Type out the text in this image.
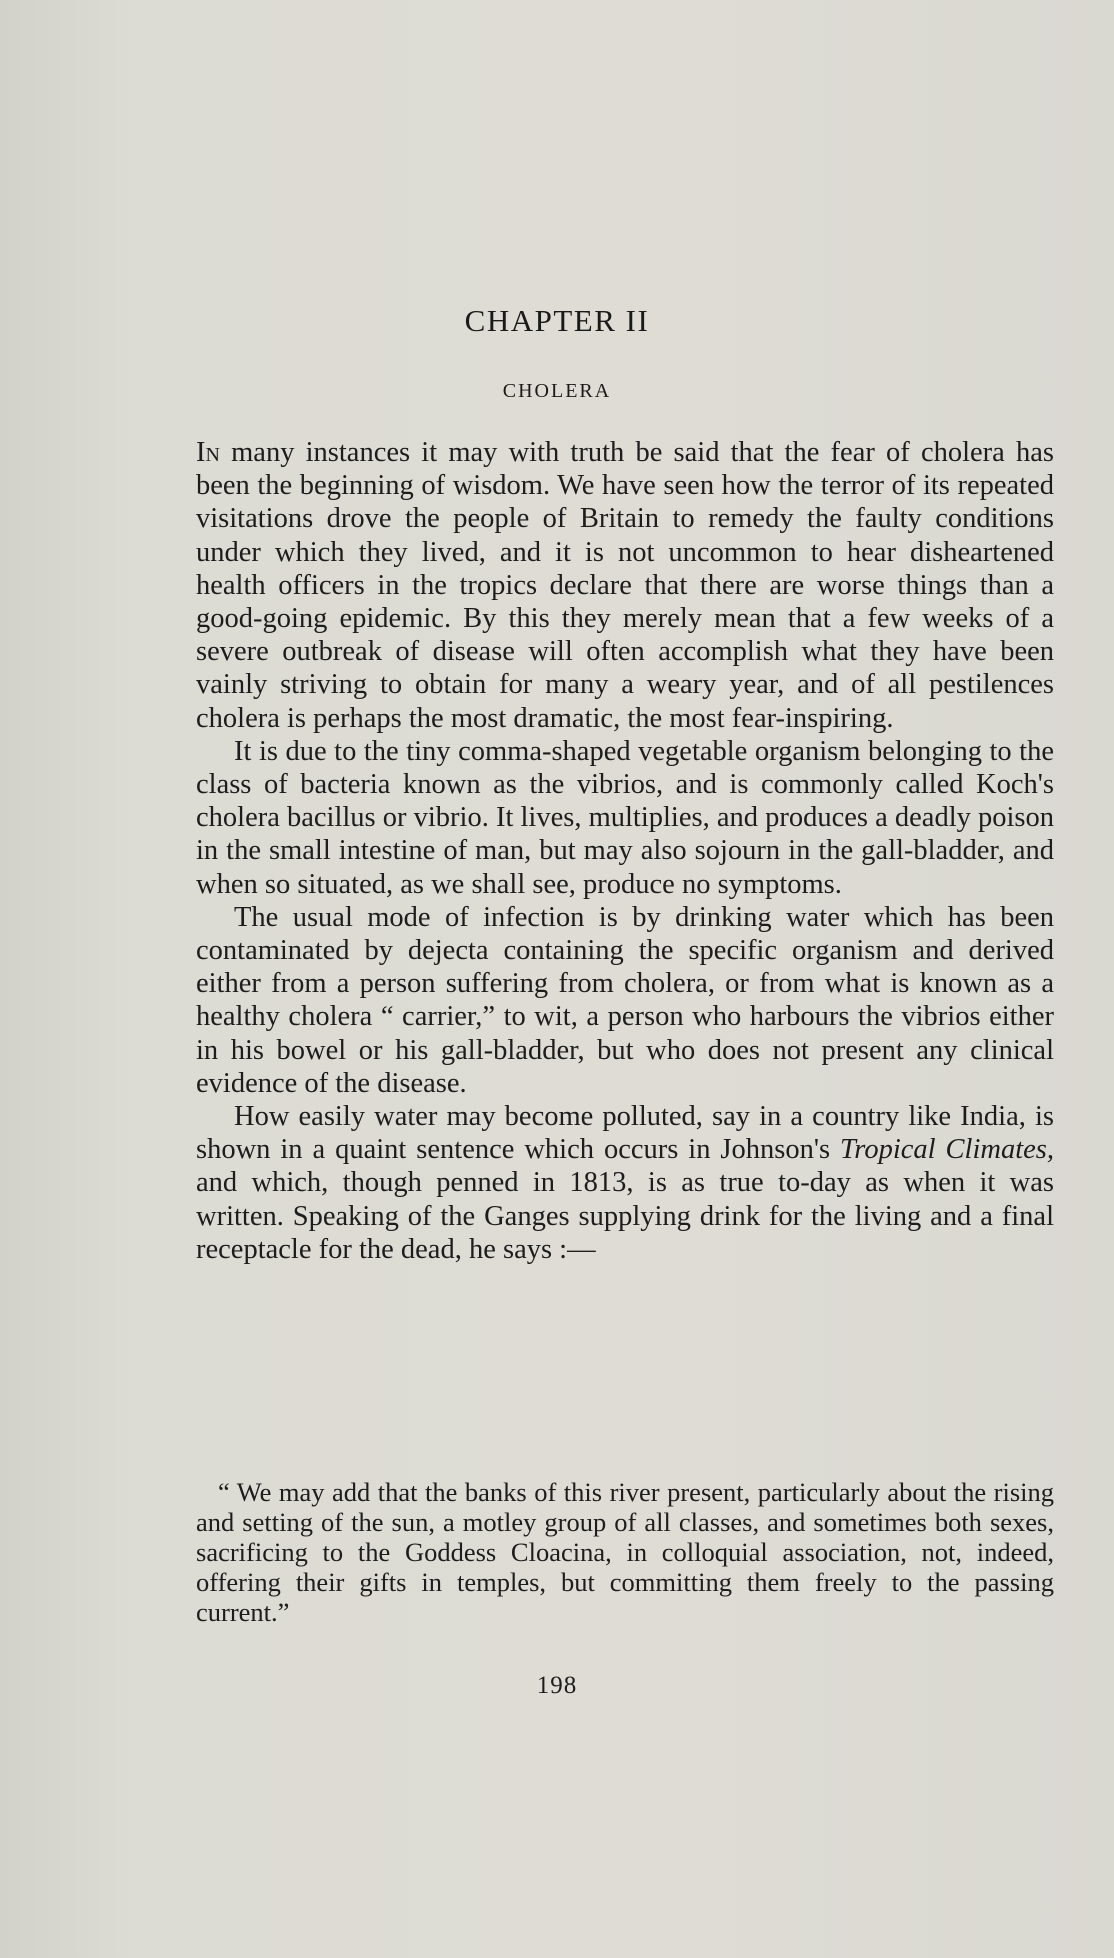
CHAPTER II
CHOLERA

In many instances it may with truth be said that the fear of cholera has been the beginning of wisdom. We have seen how the terror of its repeated visitations drove the people of Britain to remedy the faulty conditions under which they lived, and it is not uncommon to hear disheartened health officers in the tropics declare that there are worse things than a good-going epidemic. By this they merely mean that a few weeks of a severe outbreak of disease will often accomplish what they have been vainly striving to obtain for many a weary year, and of all pestilences cholera is perhaps the most dramatic, the most fear-inspiring.

It is due to the tiny comma-shaped vegetable organism belonging to the class of bacteria known as the vibrios, and is commonly called Koch's cholera bacillus or vibrio. It lives, multiplies, and produces a deadly poison in the small intestine of man, but may also sojourn in the gall-bladder, and when so situated, as we shall see, produce no symptoms.

The usual mode of infection is by drinking water which has been contaminated by dejecta containing the specific organism and derived either from a person suffering from cholera, or from what is known as a healthy cholera “ carrier,” to wit, a person who harbours the vibrios either in his bowel or his gall-bladder, but who does not present any clinical evidence of the disease.

How easily water may become polluted, say in a country like India, is shown in a quaint sentence which occurs in Johnson's Tropical Climates, and which, though penned in 1813, is as true to-day as when it was written. Speaking of the Ganges supplying drink for the living and a final receptacle for the dead, he says :—

“ We may add that the banks of this river present, particularly about the rising and setting of the sun, a motley group of all classes, and sometimes both sexes, sacrificing to the Goddess Cloacina, in colloquial association, not, indeed, offering their gifts in temples, but committing them freely to the passing current.”

198
